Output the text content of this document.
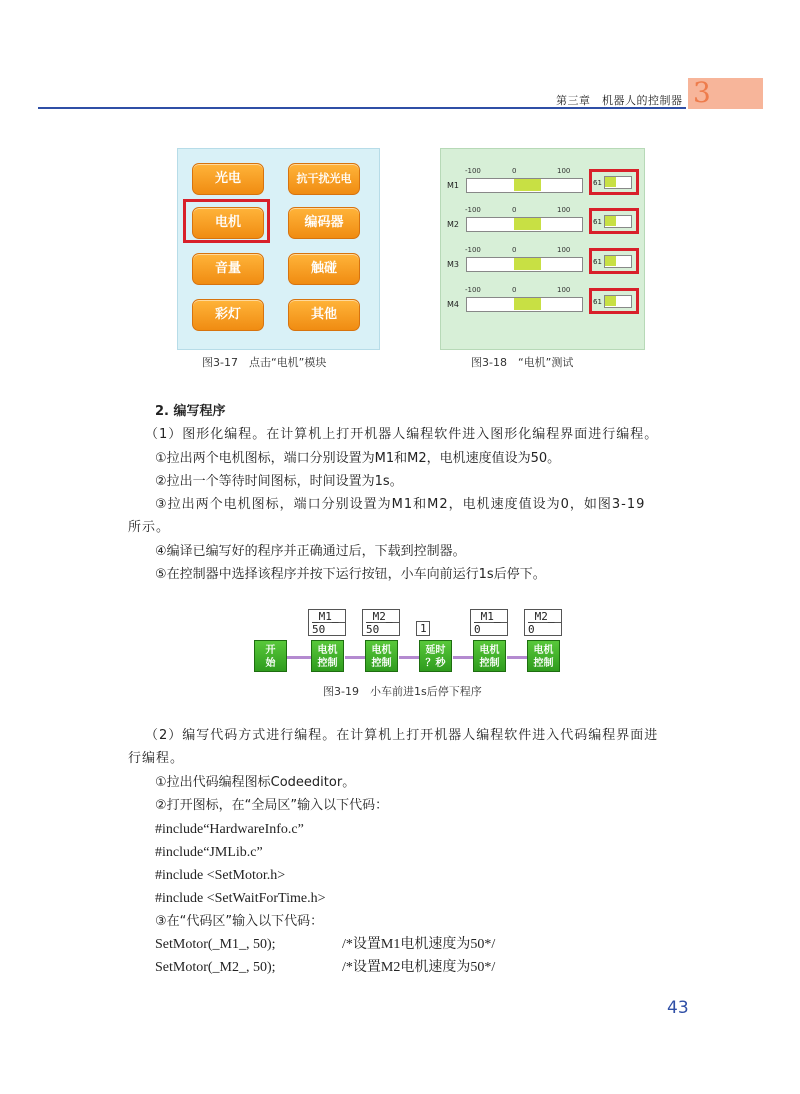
第三章　机器人的控制器 3
光电	抗干扰光电
电机	编码器
音量	触碰
彩灯	其他
图3-17　点击“电机”模块
-100	0	100
M1	61
-100	0	100
M2	61
-100	0	100
M3	61
-100	0	100
M4	61
图3-18　“电机”测试
2. 编写程序
（1）图形化编程。在计算机上打开机器人编程软件进入图形化编程界面进行编程。
①拉出两个电机图标，端口分别设置为M1和M2，电机速度值设为50。
②拉出一个等待时间图标，时间设置为1s。
③拉出两个电机图标，端口分别设置为M1和M2，电机速度值设为0，如图3-19
所示。
④编译已编写好的程序并正确通过后，下载到控制器。
⑤在控制器中选择该程序并按下运行按钮，小车向前运行1s后停下。
开
始
电机
控制
电机
控制
延时
？秒
电机
控制
电机
控制
_M1_
50
_M2_
50	1
_M1_
0
_M2_
0
图3-19　小车前进1s后停下程序
（2）编写代码方式进行编程。在计算机上打开机器人编程软件进入代码编程界面进
行编程。
①拉出代码编程图标Codeeditor。
②打开图标，在“全局区”输入以下代码：
#include“HardwareInfo.c”
#include“JMLib.c”
#include <SetMotor.h>
#include <SetWaitForTime.h>
③在“代码区”输入以下代码：
SetMotor(_M1_, 50);	/*设置M1电机速度为50*/
SetMotor(_M2_, 50);	/*设置M2电机速度为50*/
43
